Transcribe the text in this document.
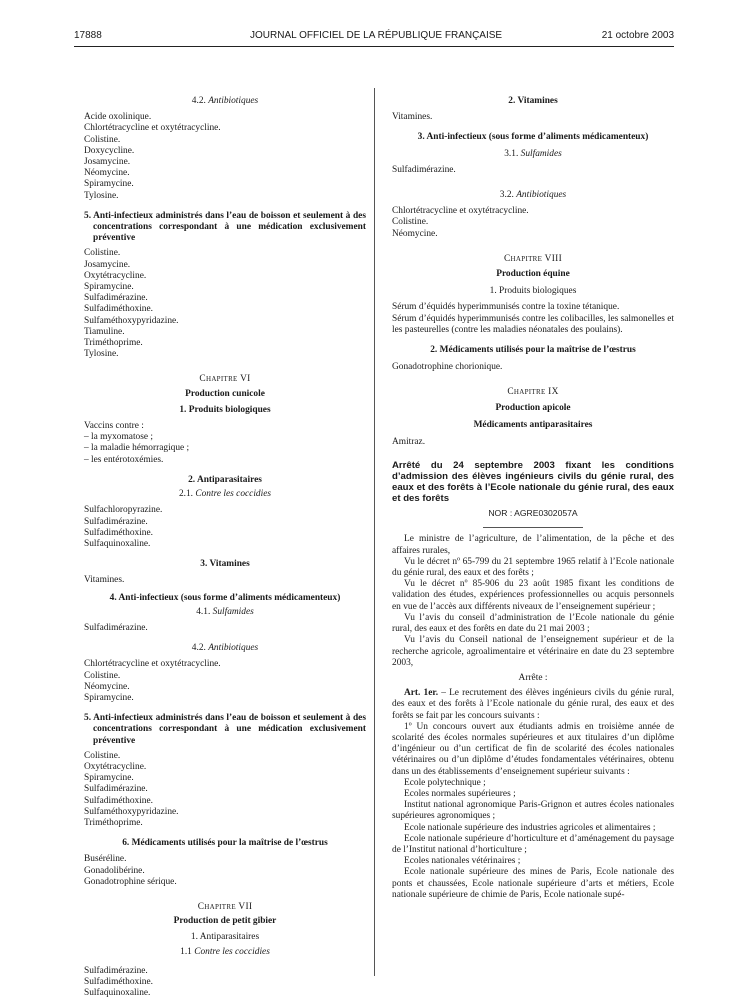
17888	JOURNAL OFFICIEL DE LA RÉPUBLIQUE FRANÇAISE	21 octobre 2003

4.2. Antibiotiques

Acide oxolinique.

Chlortétracycline et oxytétracycline.

Colistine.

Doxycycline.

Josamycine.

Néomycine.

Spiramycine.

Tylosine.

5. Anti-infectieux administrés dans l’eau de boisson et seulement à des concentrations correspondant à une médication exclusivement préventive

Colistine.

Josamycine.

Oxytétracycline.

Spiramycine.

Sulfadimérazine.

Sulfadiméthoxine.

Sulfaméthoxypyridazine.

Tiamuline.

Triméthoprime.

Tylosine.

Chapitre VI

Production cunicole

1. Produits biologiques

Vaccins contre :

– la myxomatose ;

– la maladie hémorragique ;

– les entérotoxémies.

2. Antiparasitaires

2.1. Contre les coccidies

Sulfachloropyrazine.

Sulfadimérazine.

Sulfadiméthoxine.

Sulfaquinoxaline.

3. Vitamines

Vitamines.

4. Anti-infectieux (sous forme d’aliments médicamenteux)

4.1. Sulfamides

Sulfadimérazine.

4.2. Antibiotiques

Chlortétracycline et oxytétracycline.

Colistine.

Néomycine.

Spiramycine.

5. Anti-infectieux administrés dans l’eau de boisson et seulement à des concentrations correspondant à une médication exclusivement préventive

Colistine.

Oxytétracycline.

Spiramycine.

Sulfadimérazine.

Sulfadiméthoxine.

Sulfaméthoxypyridazine.

Triméthoprime.

6. Médicaments utilisés pour la maîtrise de l’œstrus

Buséréline.

Gonadolibérine.

Gonadotrophine sérique.

Chapitre VII

Production de petit gibier

1. Antiparasitaires

1.1 Contre les coccidies

Sulfadimérazine.

Sulfadiméthoxine.

Sulfaquinoxaline.

2. Vitamines

Vitamines.

3. Anti-infectieux (sous forme d’aliments médicamenteux)

3.1. Sulfamides

Sulfadimérazine.

3.2. Antibiotiques

Chlortétracycline et oxytétracycline.

Colistine.

Néomycine.

Chapitre VIII

Production équine

1. Produits biologiques

Sérum d’équidés hyperimmunisés contre la toxine tétanique.

Sérum d’équidés hyperimmunisés contre les colibacilles, les salmonelles et les pasteurelles (contre les maladies néonatales des poulains).

2. Médicaments utilisés pour la maîtrise de l’œstrus

Gonadotrophine chorionique.

Chapitre IX

Production apicole

Médicaments antiparasitaires

Amitraz.

Arrêté du 24 septembre 2003 fixant les conditions d’admission des élèves ingénieurs civils du génie rural, des eaux et des forêts à l’Ecole nationale du génie rural, des eaux et des forêts

NOR : AGRE0302057A

Le ministre de l’agriculture, de l’alimentation, de la pêche et des affaires rurales,

Vu le décret nº 65-799 du 21 septembre 1965 relatif à l’Ecole nationale du génie rural, des eaux et des forêts ;

Vu le décret nº 85-906 du 23 août 1985 fixant les conditions de validation des études, expériences professionnelles ou acquis personnels en vue de l’accès aux différents niveaux de l’enseignement supérieur ;

Vu l’avis du conseil d’administration de l’Ecole nationale du génie rural, des eaux et des forêts en date du 21 mai 2003 ;

Vu l’avis du Conseil national de l’enseignement supérieur et de la recherche agricole, agroalimentaire et vétérinaire en date du 23 septembre 2003,

Arrête :

Art. 1er. – Le recrutement des élèves ingénieurs civils du génie rural, des eaux et des forêts à l’Ecole nationale du génie rural, des eaux et des forêts se fait par les concours suivants :

1º Un concours ouvert aux étudiants admis en troisième année de scolarité des écoles normales supérieures et aux titulaires d’un diplôme d’ingénieur ou d’un certificat de fin de scolarité des écoles nationales vétérinaires ou d’un diplôme d’études fondamentales vétérinaires, obtenu dans un des établissements d’enseignement supérieur suivants :

Ecole polytechnique ;

Ecoles normales supérieures ;

Institut national agronomique Paris-Grignon et autres écoles nationales supérieures agronomiques ;

Ecole nationale supérieure des industries agricoles et alimentaires ;

Ecole nationale supérieure d’horticulture et d’aménagement du paysage de l’Institut national d’horticulture ;

Ecoles nationales vétérinaires ;

Ecole nationale supérieure des mines de Paris, Ecole nationale des ponts et chaussées, Ecole nationale supérieure d’arts et métiers, Ecole nationale supérieure de chimie de Paris, Ecole nationale supé-
